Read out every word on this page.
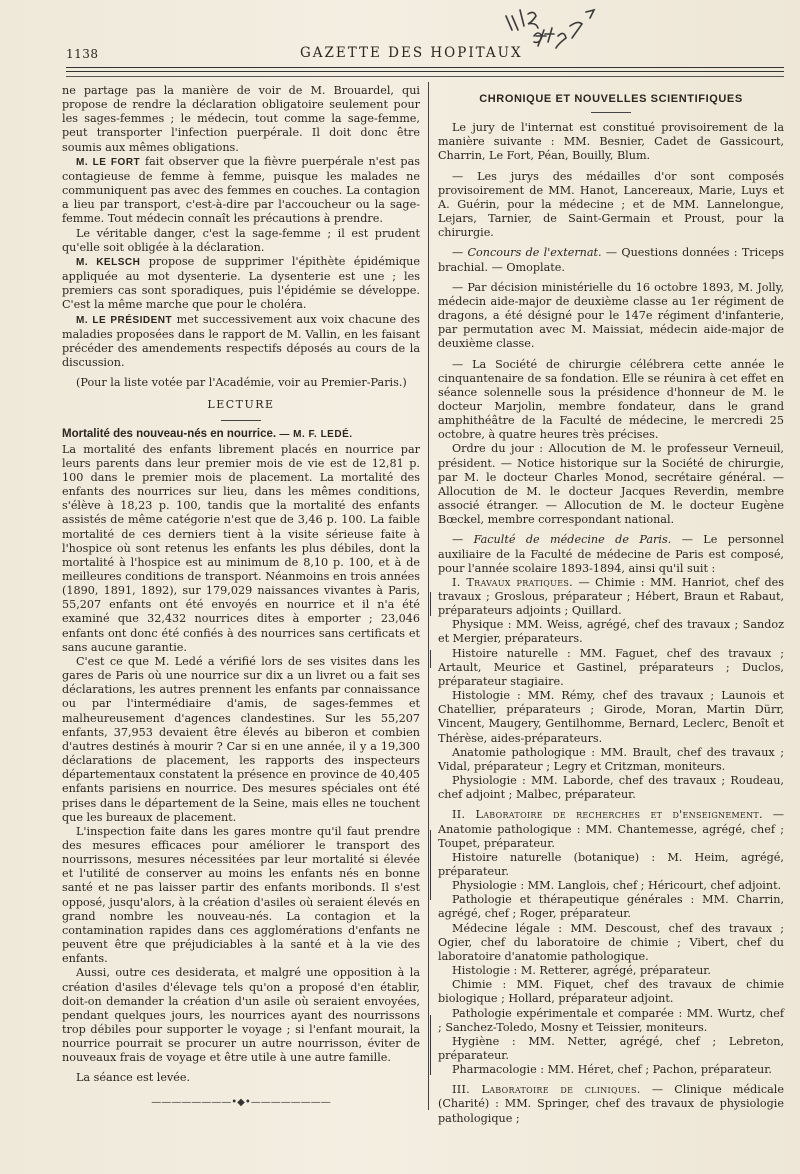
1138	GAZETTE DES HOPITAUX

ne partage pas la manière de voir de M. Brouardel, qui propose de rendre la déclaration obligatoire seulement pour les sages-femmes ; le médecin, tout comme la sage-femme, peut transporter l'infection puerpérale. Il doit donc être soumis aux mêmes obligations.

M. LE FORT fait observer que la fièvre puerpérale n'est pas contagieuse de femme à femme, puisque les malades ne communiquent pas avec des femmes en couches. La contagion a lieu par transport, c'est-à-dire par l'accoucheur ou la sage-femme. Tout médecin connaît les précautions à prendre.

Le véritable danger, c'est la sage-femme ; il est prudent qu'elle soit obligée à la déclaration.

M. KELSCH propose de supprimer l'épithète épidémique appliquée au mot dysenterie. La dysenterie est une ; les premiers cas sont sporadiques, puis l'épidémie se développe. C'est la même marche que pour le choléra.

M. LE PRÉSIDENT met successivement aux voix chacune des maladies proposées dans le rapport de M. Vallin, en les faisant précéder des amendements respectifs déposés au cours de la discussion.

(Pour la liste votée par l'Académie, voir au Premier-Paris.)

LECTURE

Mortalité des nouveau-nés en nourrice. — M. F. LEDÉ.

La mortalité des enfants librement placés en nourrice par leurs parents dans leur premier mois de vie est de 12,81 p. 100 dans le premier mois de placement. La mortalité des enfants des nourrices sur lieu, dans les mêmes conditions, s'élève à 18,23 p. 100, tandis que la mortalité des enfants assistés de même catégorie n'est que de 3,46 p. 100. La faible mortalité de ces derniers tient à la visite sérieuse faite à l'hospice où sont retenus les enfants les plus débiles, dont la mortalité à l'hospice est au minimum de 8,10 p. 100, et à de meilleures conditions de transport. Néanmoins en trois années (1890, 1891, 1892), sur 179,029 naissances vivantes à Paris, 55,207 enfants ont été envoyés en nourrice et il n'a été examiné que 32,432 nourrices dites à emporter ; 23,046 enfants ont donc été confiés à des nourrices sans certificats et sans aucune garantie.

C'est ce que M. Ledé a vérifié lors de ses visites dans les gares de Paris où une nourrice sur dix a un livret ou a fait ses déclarations, les autres prennent les enfants par connaissance ou par l'intermédiaire d'amis, de sages-femmes et malheureusement d'agences clandestines. Sur les 55,207 enfants, 37,953 devaient être élevés au biberon et combien d'autres destinés à mourir ? Car si en une année, il y a 19,300 déclarations de placement, les rapports des inspecteurs départementaux constatent la présence en province de 40,405 enfants parisiens en nourrice. Des mesures spéciales ont été prises dans le département de la Seine, mais elles ne touchent que les bureaux de placement.

L'inspection faite dans les gares montre qu'il faut prendre des mesures efficaces pour améliorer le transport des nourrissons, mesures nécessitées par leur mortalité si élevée et l'utilité de conserver au moins les enfants nés en bonne santé et ne pas laisser partir des enfants moribonds. Il s'est opposé, jusqu'alors, à la création d'asiles où seraient élevés en grand nombre les nouveau-nés. La contagion et la contamination rapides dans ces agglomérations d'enfants ne peuvent être que préjudiciables à la santé et à la vie des enfants.

Aussi, outre ces desiderata, et malgré une opposition à la création d'asiles d'élevage tels qu'on a proposé d'en établir, doit-on demander la création d'un asile où seraient envoyées, pendant quelques jours, les nourrices ayant des nourrissons trop débiles pour supporter le voyage ; si l'enfant mourait, la nourrice pourrait se procurer un autre nourrisson, éviter de nouveaux frais de voyage et être utile à une autre famille.

La séance est levée.

————————•◆•————————
CHRONIQUE ET NOUVELLES SCIENTIFIQUES

Le jury de l'internat est constitué provisoirement de la manière suivante : MM. Besnier, Cadet de Gassicourt, Charrin, Le Fort, Péan, Bouilly, Blum.

— Les jurys des médailles d'or sont composés provisoirement de MM. Hanot, Lancereaux, Marie, Luys et A. Guérin, pour la médecine ; et de MM. Lannelongue, Lejars, Tarnier, de Saint-Germain et Proust, pour la chirurgie.

— Concours de l'externat. — Questions données : Triceps brachial. — Omoplate.

— Par décision ministérielle du 16 octobre 1893, M. Jolly, médecin aide-major de deuxième classe au 1er régiment de dragons, a été désigné pour le 147e régiment d'infanterie, par permutation avec M. Maissiat, médecin aide-major de deuxième classe.

— La Société de chirurgie célébrera cette année le cinquantenaire de sa fondation. Elle se réunira à cet effet en séance solennelle sous la présidence d'honneur de M. le docteur Marjolin, membre fondateur, dans le grand amphithéâtre de la Faculté de médecine, le mercredi 25 octobre, à quatre heures très précises.

Ordre du jour : Allocution de M. le professeur Verneuil, président. — Notice historique sur la Société de chirurgie, par M. le docteur Charles Monod, secrétaire général. — Allocution de M. le docteur Jacques Reverdin, membre associé étranger. — Allocution de M. le docteur Eugène Bœckel, membre correspondant national.

— Faculté de médecine de Paris. — Le personnel auxiliaire de la Faculté de médecine de Paris est composé, pour l'année scolaire 1893-1894, ainsi qu'il suit :

I. Travaux pratiques. — Chimie : MM. Hanriot, chef des travaux ; Groslous, préparateur ; Hébert, Braun et Rabaut, préparateurs adjoints ; Quillard.

Physique : MM. Weiss, agrégé, chef des travaux ; Sandoz et Mergier, préparateurs.

Histoire naturelle : MM. Faguet, chef des travaux ; Artault, Meurice et Gastinel, préparateurs ; Duclos, préparateur stagiaire.

Histologie : MM. Rémy, chef des travaux ; Launois et Chatellier, préparateurs ; Girode, Moran, Martin Dürr, Vincent, Maugery, Gentilhomme, Bernard, Leclerc, Benoît et Thérèse, aides-préparateurs.

Anatomie pathologique : MM. Brault, chef des travaux ; Vidal, préparateur ; Legry et Critzman, moniteurs.

Physiologie : MM. Laborde, chef des travaux ; Roudeau, chef adjoint ; Malbec, préparateur.

II. Laboratoire de recherches et d'enseignement. — Anatomie pathologique : MM. Chantemesse, agrégé, chef ; Toupet, préparateur.

Histoire naturelle (botanique) : M. Heim, agrégé, préparateur.

Physiologie : MM. Langlois, chef ; Héricourt, chef adjoint.

Pathologie et thérapeutique générales : MM. Charrin, agrégé, chef ; Roger, préparateur.

Médecine légale : MM. Descoust, chef des travaux ; Ogier, chef du laboratoire de chimie ; Vibert, chef du laboratoire d'anatomie pathologique.

Histologie : M. Retterer, agrégé, préparateur.

Chimie : MM. Fiquet, chef des travaux de chimie biologique ; Hollard, préparateur adjoint.

Pathologie expérimentale et comparée : MM. Wurtz, chef ; Sanchez-Toledo, Mosny et Teissier, moniteurs.

Hygiène : MM. Netter, agrégé, chef ; Lebreton, préparateur.

Pharmacologie : MM. Héret, chef ; Pachon, préparateur.

III. Laboratoire de cliniques. — Clinique médicale (Charité) : MM. Springer, chef des travaux de physiologie pathologique ;
